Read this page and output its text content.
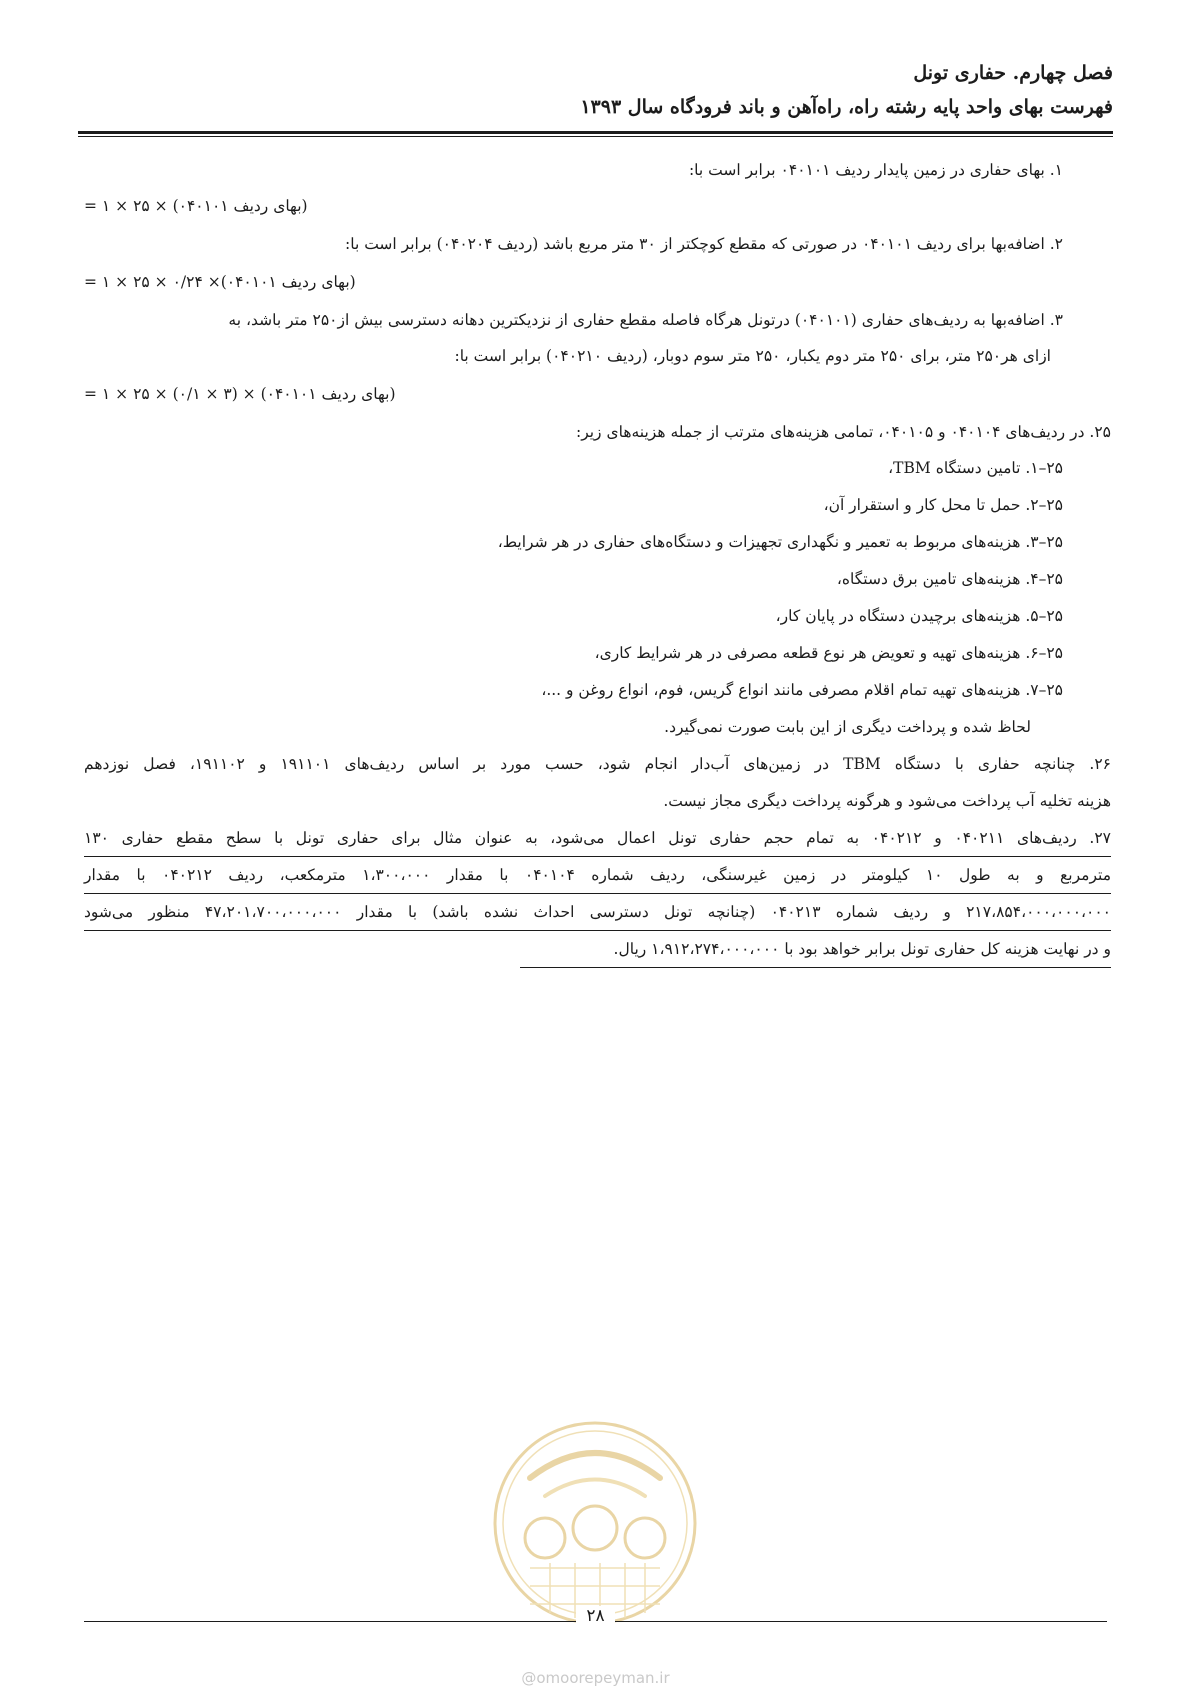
فصل چهارم. حفاری تونل
فهرست بهای واحد پایه رشته راه، راه‌آهن و باند فرودگاه سال ۱۳۹۳
۱. بهای حفاری در زمین پایدار ردیف ۰۴۰۱۰۱ برابر است با:
(بهای ردیف ۰۴۰۱۰۱) × ۲۵ × ۱ =
۲. اضافه‌بها برای ردیف ۰۴۰۱۰۱ در صورتی که مقطع کوچکتر از ۳۰ متر مربع باشد (ردیف ۰۴۰۲۰۴) برابر است با:
(بهای ردیف ۰۴۰۱۰۱)× ۰/۲۴ × ۲۵ × ۱ =
۳. اضافه‌بها به ردیف‌های حفاری (۰۴۰۱۰۱) درتونل هرگاه فاصله مقطع حفاری از نزدیکترین دهانه دسترسی بیش از۲۵۰ متر باشد، به
ازای هر۲۵۰ متر، برای ۲۵۰ متر دوم یکبار، ۲۵۰ متر سوم دوبار، (ردیف ۰۴۰۲۱۰) برابر است با:
(بهای ردیف ۰۴۰۱۰۱) × (۳ × ۰/۱) × ۲۵ × ۱ =
۲۵. در ردیف‌های ۰۴۰۱۰۴ و ۰۴۰۱۰۵، تمامی هزینه‌های مترتب از جمله هزینه‌های زیر:
۲۵–۱. تامین دستگاه TBM،
۲۵–۲. حمل تا محل کار و استقرار آن،
۲۵–۳. هزینه‌های مربوط به تعمیر و نگهداری تجهیزات و دستگاه‌های حفاری در هر شرایط،
۲۵–۴. هزینه‌های تامین برق دستگاه،
۲۵–۵. هزینه‌های برچیدن دستگاه در پایان کار،
۲۵–۶. هزینه‌های تهیه و تعویض هر نوع قطعه مصرفی در هر شرایط کاری،
۲۵–۷. هزینه‌های تهیه تمام اقلام مصرفی مانند انواع گریس، فوم، انواع روغن و ...،
لحاظ شده و پرداخت دیگری از این بابت صورت نمی‌گیرد.
۲۶. چنانچه حفاری با دستگاه TBM در زمین‌های آب‌دار انجام شود، حسب مورد بر اساس ردیف‌های ۱۹۱۱۰۱ و ۱۹۱۱۰۲، فصل نوزدهم
هزینه تخلیه آب پرداخت می‌شود و هرگونه پرداخت دیگری مجاز نیست.
۲۷. ردیف‌های ۰۴۰۲۱۱ و ۰۴۰۲۱۲ به تمام حجم حفاری تونل اعمال می‌شود، به عنوان مثال برای حفاری تونل با سطح مقطع حفاری ۱۳۰
مترمربع و به طول ۱۰ کیلومتر در زمین غیرسنگی، ردیف شماره ۰۴۰۱۰۴ با مقدار ۱،۳۰۰،۰۰۰ مترمکعب، ردیف ۰۴۰۲۱۲ با مقدار
۲۱۷،۸۵۴،۰۰۰،۰۰۰،۰۰۰ و ردیف شماره ۰۴۰۲۱۳ (چنانچه تونل دسترسی احداث نشده باشد) با مقدار ۴۷،۲۰۱،۷۰۰،۰۰۰،۰۰۰ منظور می‌شود
و در نهایت هزینه کل حفاری تونل برابر خواهد بود با ۱،۹۱۲،۲۷۴،۰۰۰،۰۰۰ ریال.
۲۸
@omoorepeyman.ir
